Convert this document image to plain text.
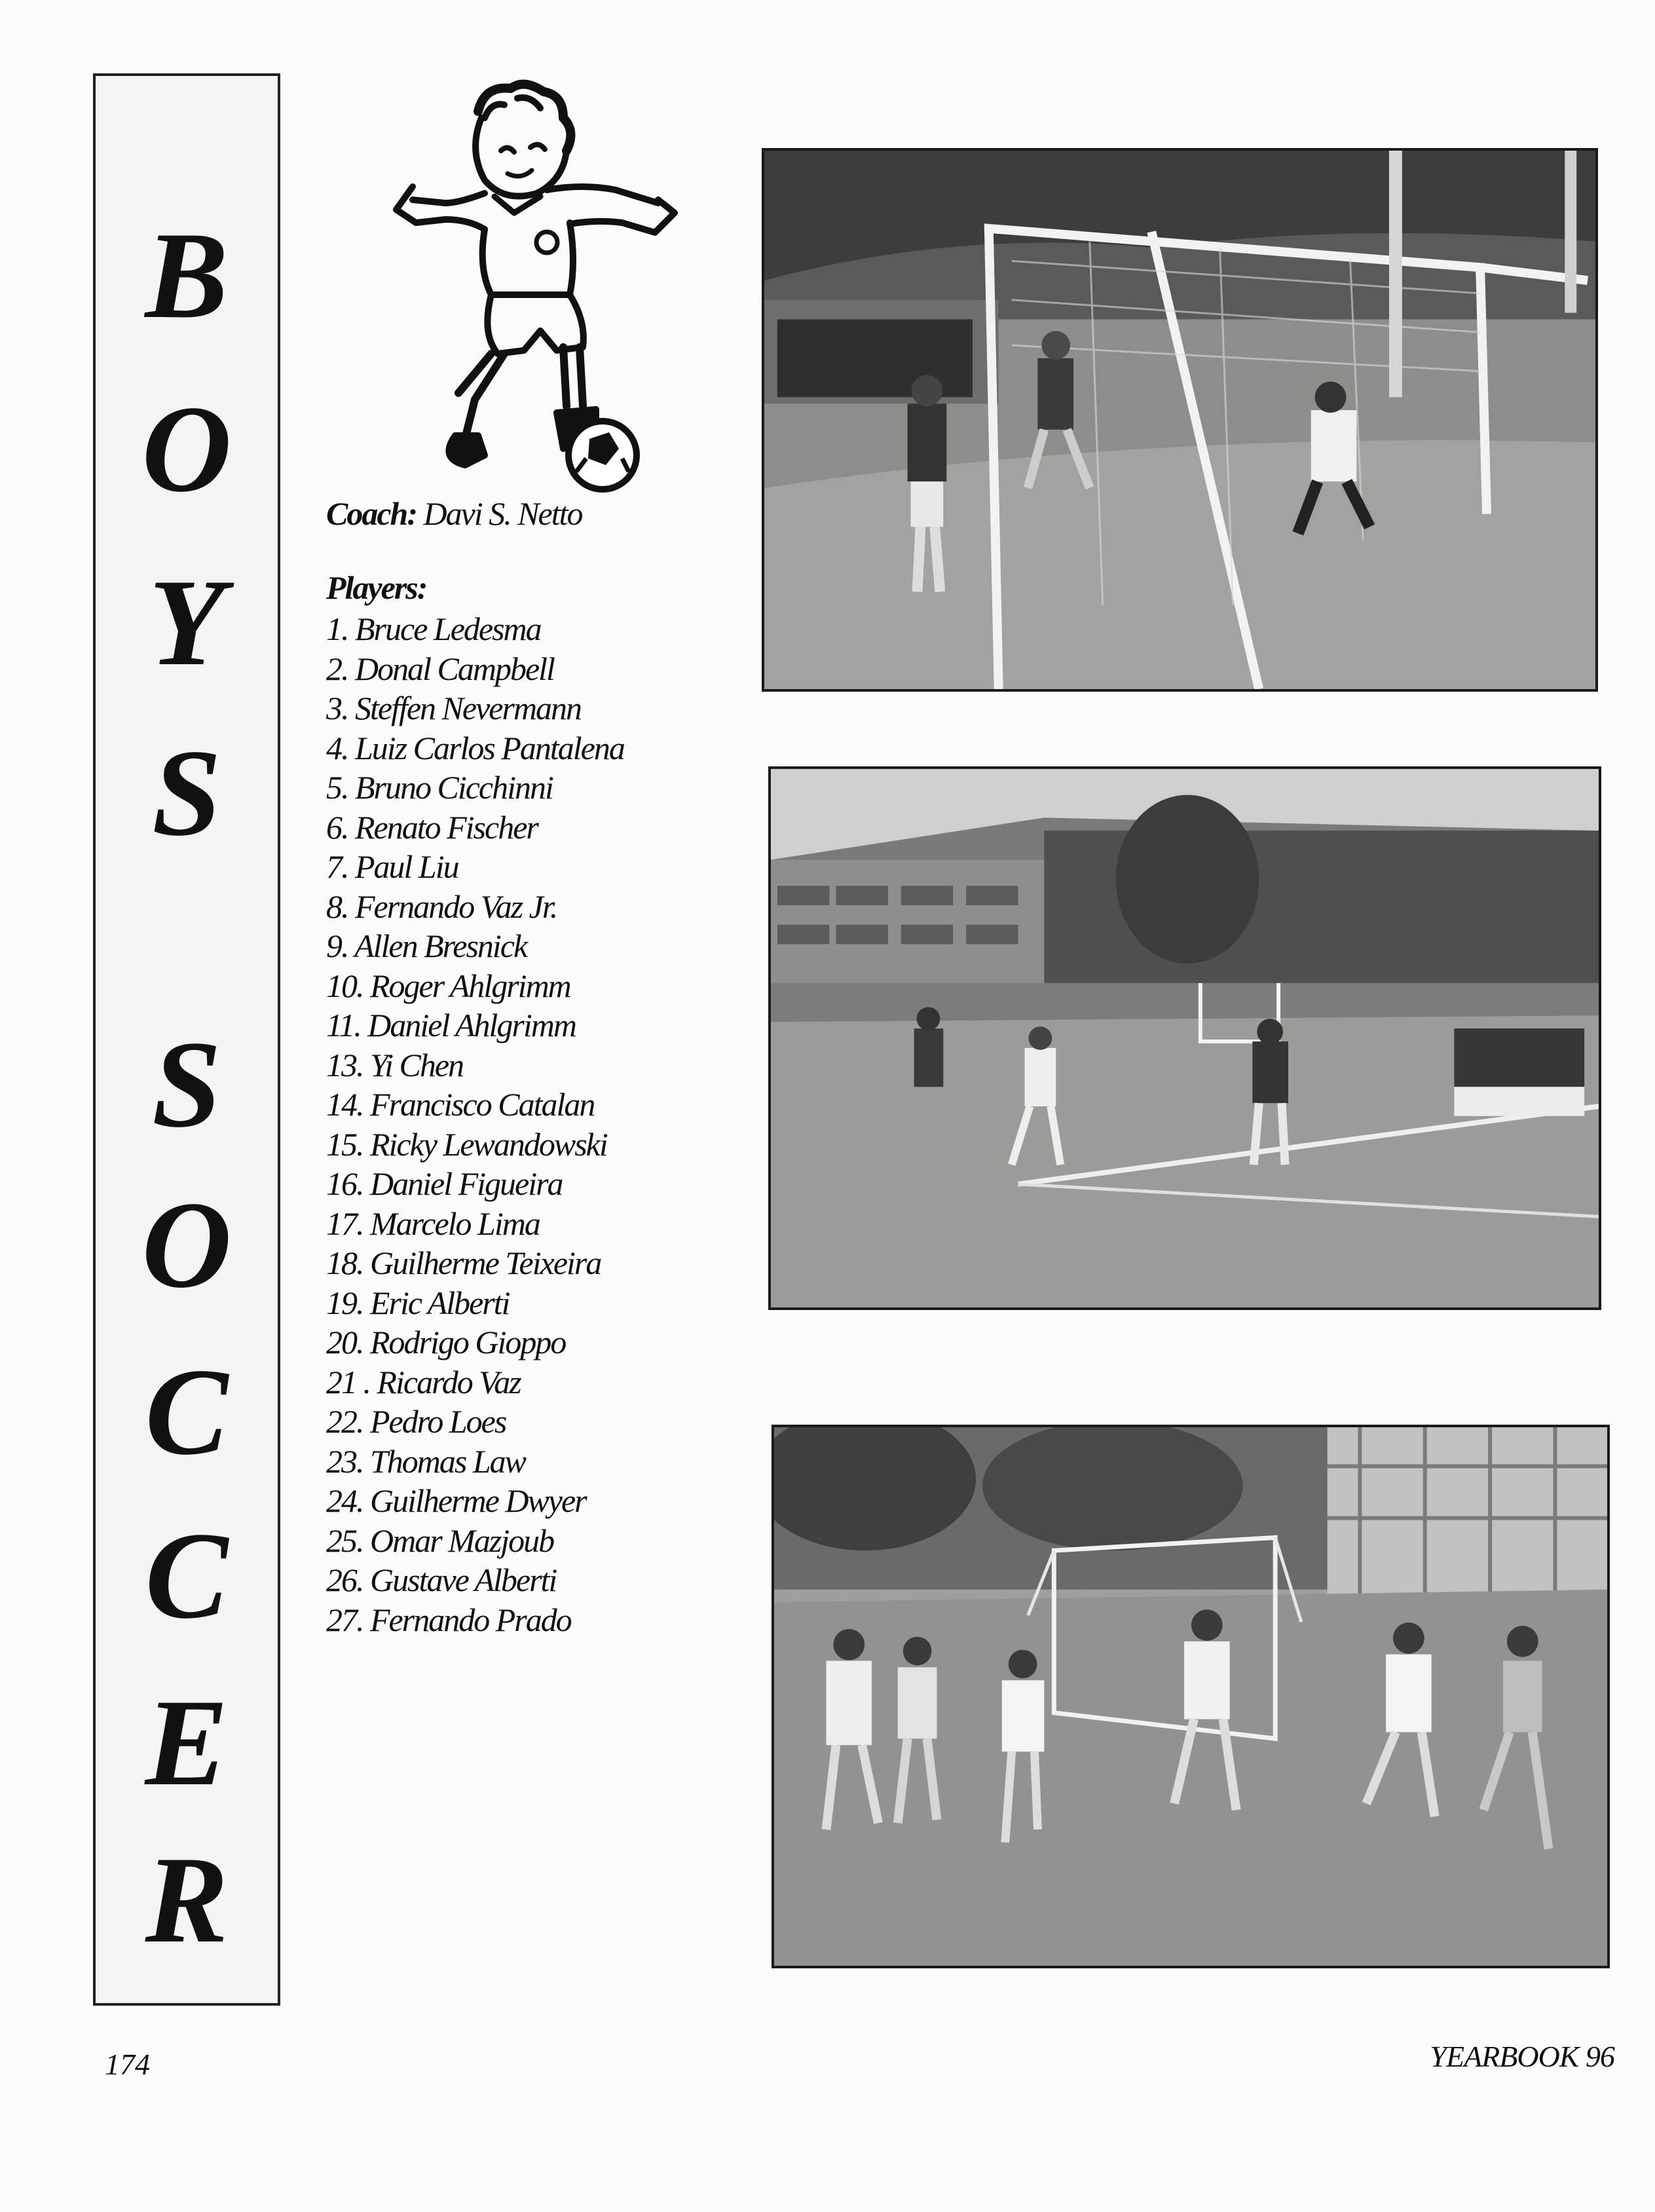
B
O
Y
S
S
O
C
C
E
R
Coach: Davi S. Netto
Players:
1. Bruce Ledesma
2. Donal Campbell
3. Steffen Nevermann
4. Luiz Carlos Pantalena
5. Bruno Cicchinni
6. Renato Fischer
7. Paul Liu
8. Fernando Vaz Jr.
9. Allen Bresnick
10. Roger Ahlgrimm
11. Daniel Ahlgrimm
13. Yi Chen
14. Francisco Catalan
15. Ricky Lewandowski
16. Daniel Figueira
17. Marcelo Lima
18. Guilherme Teixeira
19. Eric Alberti
20. Rodrigo Gioppo
21 . Ricardo Vaz
22. Pedro Loes
23. Thomas Law
24. Guilherme Dwyer
25. Omar Mazjoub
26. Gustave Alberti
27. Fernando Prado
174	YEARBOOK 96
